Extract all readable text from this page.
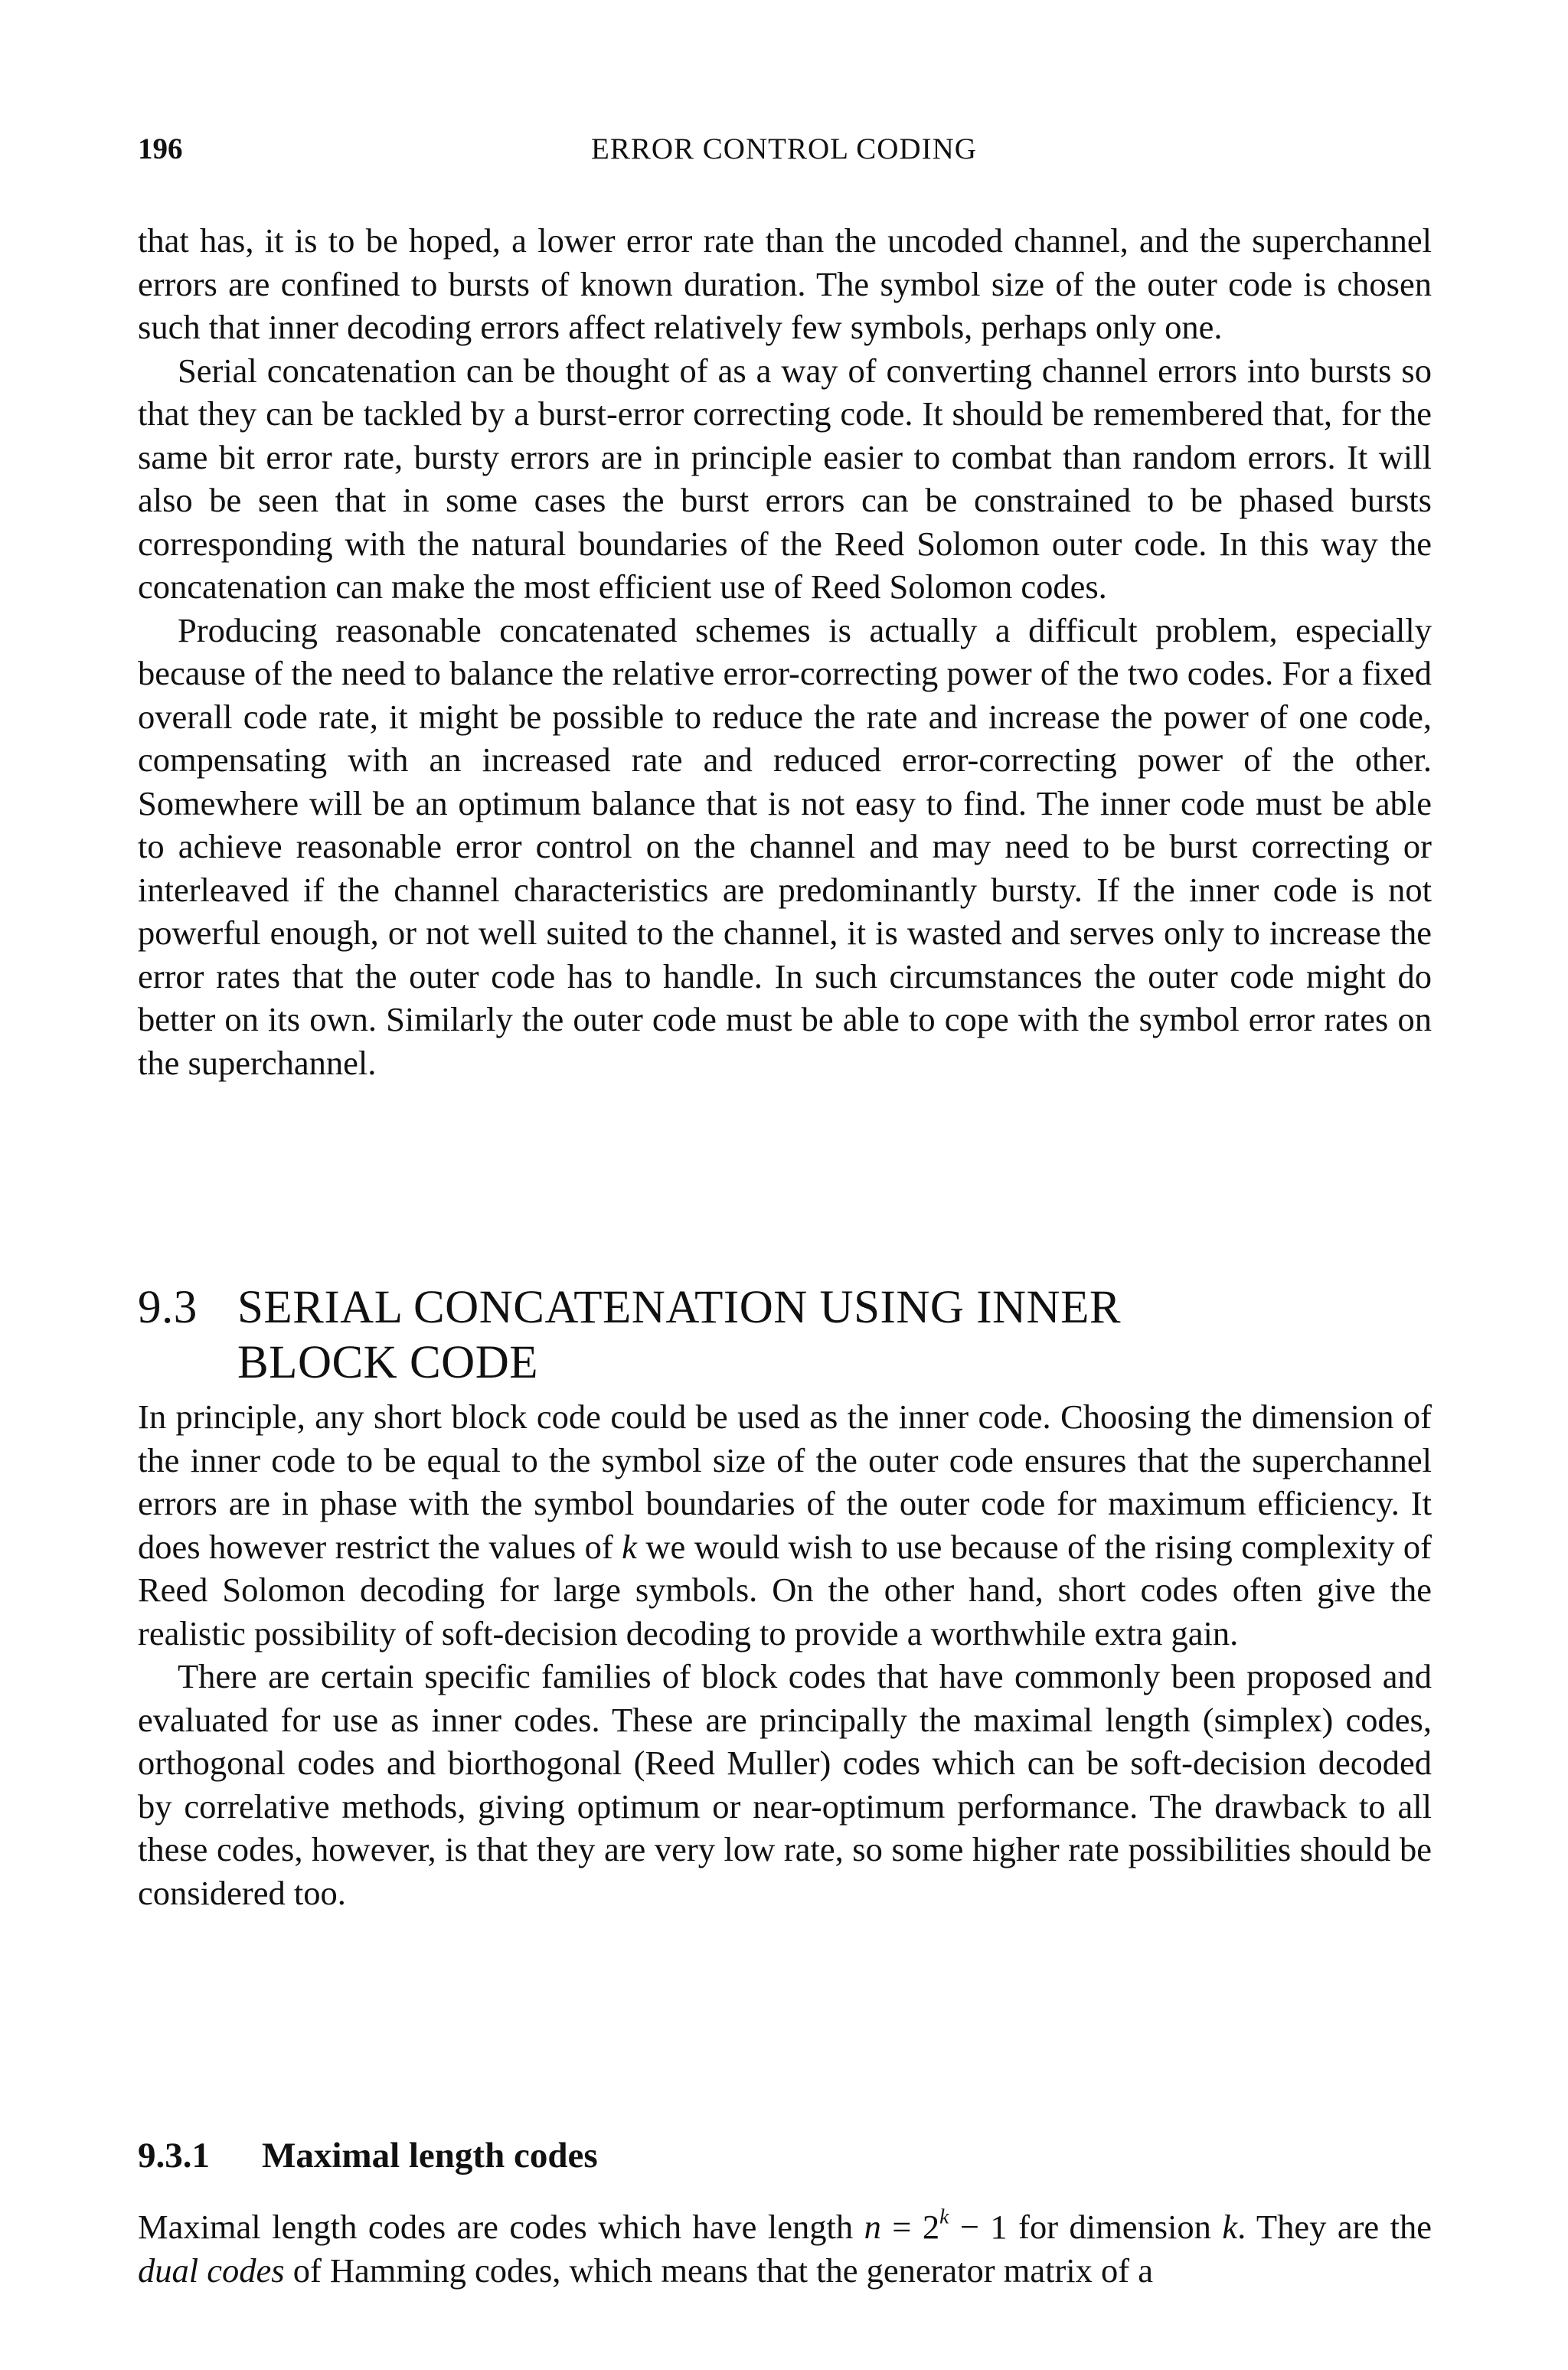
196	ERROR CONTROL CODING

that has, it is to be hoped, a lower error rate than the uncoded channel, and the superchannel errors are confined to bursts of known duration. The symbol size of the outer code is chosen such that inner decoding errors affect relatively few symbols, perhaps only one.

Serial concatenation can be thought of as a way of converting channel errors into bursts so that they can be tackled by a burst-error correcting code. It should be remembered that, for the same bit error rate, bursty errors are in principle easier to combat than random errors. It will also be seen that in some cases the burst errors can be constrained to be phased bursts corresponding with the natural boundaries of the Reed Solomon outer code. In this way the concatenation can make the most efficient use of Reed Solomon codes.

Producing reasonable concatenated schemes is actually a difficult problem, especially because of the need to balance the relative error-correcting power of the two codes. For a fixed overall code rate, it might be possible to reduce the rate and increase the power of one code, compensating with an increased rate and reduced error-correcting power of the other. Somewhere will be an optimum balance that is not easy to find. The inner code must be able to achieve reasonable error control on the channel and may need to be burst correcting or interleaved if the channel characteristics are predominantly bursty. If the inner code is not powerful enough, or not well suited to the channel, it is wasted and serves only to increase the error rates that the outer code has to handle. In such circumstances the outer code might do better on its own. Similarly the outer code must be able to cope with the symbol error rates on the superchannel.

9.3 SERIAL CONCATENATION USING INNER
BLOCK CODE
9.3.1 Maximal length codes

Maximal length codes are codes which have length $n = 2^k - 1$ for dimension k. They are the dual codes of Hamming codes, which means that the generator matrix of a

In principle, any short block code could be used as the inner code. Choosing the dimension of the inner code to be equal to the symbol size of the outer code ensures that the superchannel errors are in phase with the symbol boundaries of the outer code for maximum efficiency. It does however restrict the values of k we would wish to use because of the rising complexity of Reed Solomon decoding for large symbols. On the other hand, short codes often give the realistic possibility of soft-decision decoding to provide a worthwhile extra gain.

There are certain specific families of block codes that have commonly been proposed and evaluated for use as inner codes. These are principally the maximal length (simplex) codes, orthogonal codes and biorthogonal (Reed Muller) codes which can be soft-decision decoded by correlative methods, giving optimum or near-optimum performance. The drawback to all these codes, however, is that they are very low rate, so some higher rate possibilities should be considered too.
